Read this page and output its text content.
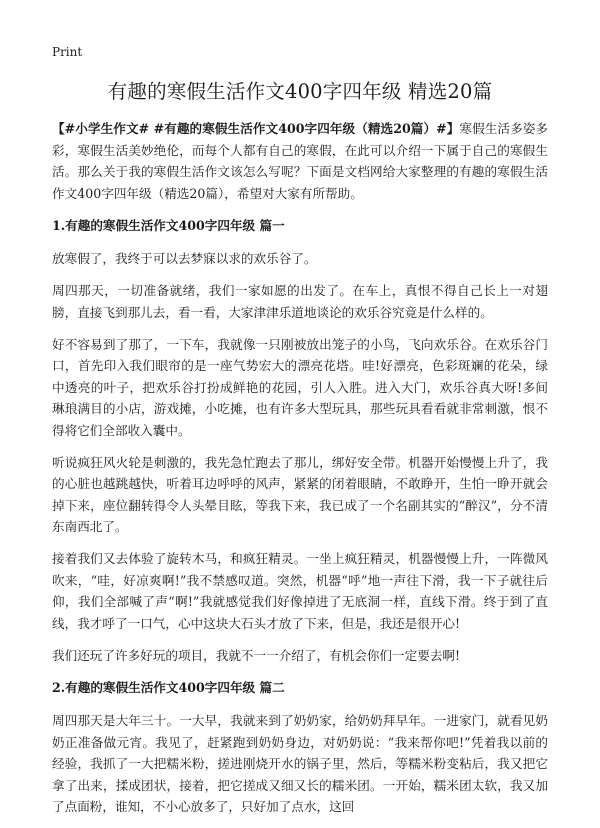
Print
有趣的寒假生活作文400字四年级 精选20篇

【#小学生作文# #有趣的寒假生活作文400字四年级（精选20篇）#】寒假生活多姿多彩，寒假生活美妙绝伦，而每个人都有自己的寒假，在此可以介绍一下属于自己的寒假生活。那么关于我的寒假生活作文该怎么写呢？下面是文档网给大家整理的有趣的寒假生活作文400字四年级（精选20篇），希望对大家有所帮助。

1.有趣的寒假生活作文400字四年级 篇一

放寒假了，我终于可以去梦寐以求的欢乐谷了。

周四那天，一切准备就绪，我们一家如愿的出发了。在车上，真恨不得自己长上一对翅膀，直接飞到那儿去，看一看，大家津津乐道地谈论的欢乐谷究竟是什么样的。

好不容易到了那了，一下车，我就像一只刚被放出笼子的小鸟，飞向欢乐谷。在欢乐谷门口，首先印入我们眼帘的是一座气势宏大的漂亮花塔。哇!好漂亮，色彩斑斓的花朵，绿中透亮的叶子，把欢乐谷打扮成鲜艳的花园，引人入胜。进入大门，欢乐谷真大呀!多间琳琅满目的小店，游戏摊，小吃摊，也有许多大型玩具，那些玩具看看就非常刺激，恨不得将它们全部收入囊中。

听说疯狂风火轮是刺激的，我先急忙跑去了那儿，绑好安全带。机器开始慢慢上升了，我的心脏也越跳越快，听着耳边呼呼的风声，紧紧的闭着眼睛，不敢睁开，生怕一睁开就会掉下来，座位翻转得令人头晕目眩，等我下来，我已成了一个名副其实的“醉汉”，分不清东南西北了。

接着我们又去体验了旋转木马，和疯狂精灵。一坐上疯狂精灵，机器慢慢上升，一阵微风吹来，“哇，好凉爽啊!”我不禁感叹道。突然，机器“呼”地一声往下滑，我一下子就往后仰，我们全部喊了声“啊!”我就感觉我们好像掉进了无底洞一样，直线下滑。终于到了直线，我才呼了一口气，心中这块大石头才放了下来，但是，我还是很开心!

我们还玩了许多好玩的项目，我就不一一介绍了，有机会你们一定要去啊!

2.有趣的寒假生活作文400字四年级 篇二

周四那天是大年三十。一大早，我就来到了奶奶家，给奶奶拜早年。一进家门，就看见奶奶正准备做元宵。我见了，赶紧跑到奶奶身边，对奶奶说：“我来帮你吧!”凭着我以前的经验，我抓了一大把糯米粉，搓进刚烧开水的锅子里，然后，等糯米粉变粘后，我又把它拿了出来，揉成团状，接着，把它搓成又细又长的糯米团。一开始，糯米团太软，我又加了点面粉，谁知，不小心放多了，只好加了点水，这回
